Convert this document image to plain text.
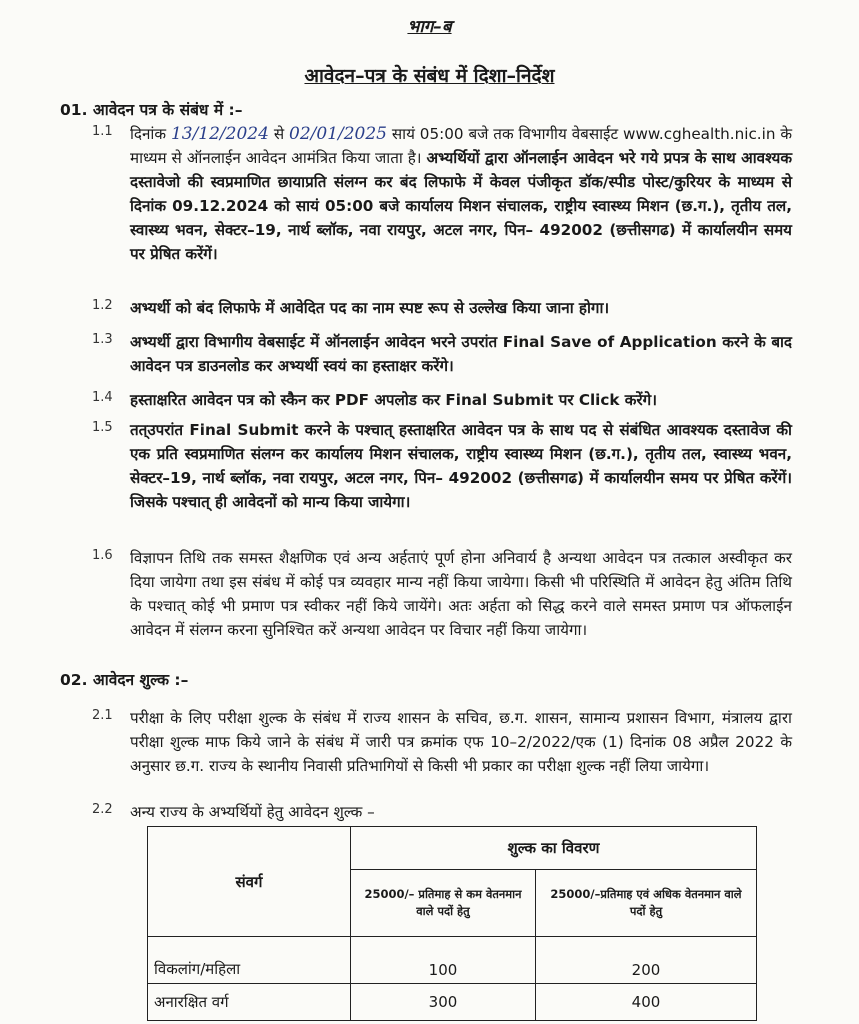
भाग–ब
आवेदन–पत्र के संबंध में दिशा–निर्देश
01. आवेदन पत्र के संबंध में :–
1.1 दिनांक 13/12/2024 से 02/01/2025 सायं 05:00 बजे तक विभागीय वेबसाईट www.cghealth.nic.in के माध्यम से ऑनलाईन आवेदन आमंत्रित किया जाता है। अभ्यर्थियों द्वारा ऑनलाईन आवेदन भरे गये प्रपत्र के साथ आवश्यक दस्तावेजो की स्वप्रमाणित छायाप्रति संलग्न कर बंद लिफाफे में केवल पंजीकृत डॉक/स्पीड पोस्ट/कुरियर के माध्यम से दिनांक 09.12.2024 को सायं 05:00 बजे कार्यालय मिशन संचालक, राष्ट्रीय स्वास्थ्य मिशन (छ.ग.), तृतीय तल, स्वास्थ्य भवन, सेक्टर–19, नार्थ ब्लॉक, नवा रायपुर, अटल नगर, पिन– 492002 (छत्तीसगढ) में कार्यालयीन समय पर प्रेषित करेंगें।
1.2 अभ्यर्थी को बंद लिफाफे में आवेदित पद का नाम स्पष्ट रूप से उल्लेख किया जाना होगा।
1.3 अभ्यर्थी द्वारा विभागीय वेबसाईट में ऑनलाईन आवेदन भरने उपरांत Final Save of Application करने के बाद आवेदन पत्र डाउनलोड कर अभ्यर्थी स्वयं का हस्ताक्षर करेंगे।
1.4 हस्ताक्षरित आवेदन पत्र को स्कैन कर PDF अपलोड कर Final Submit पर Click करेंगे।
1.5 तत्उपरांत Final Submit करने के पश्चात् हस्ताक्षरित आवेदन पत्र के साथ पद से संबंधित आवश्यक दस्तावेज की एक प्रति स्वप्रमाणित संलग्न कर कार्यालय मिशन संचालक, राष्ट्रीय स्वास्थ्य मिशन (छ.ग.), तृतीय तल, स्वास्थ्य भवन, सेक्टर–19, नार्थ ब्लॉक, नवा रायपुर, अटल नगर, पिन– 492002 (छत्तीसगढ) में कार्यालयीन समय पर प्रेषित करेंगें। जिसके पश्चात् ही आवेदनों को मान्य किया जायेगा।
1.6 विज्ञापन तिथि तक समस्त शैक्षणिक एवं अन्य अर्हताएं पूर्ण होना अनिवार्य है अन्यथा आवेदन पत्र तत्काल अस्वीकृत कर दिया जायेगा तथा इस संबंध में कोई पत्र व्यवहार मान्य नहीं किया जायेगा। किसी भी परिस्थिति में आवेदन हेतु अंतिम तिथि के पश्चात् कोई भी प्रमाण पत्र स्वीकर नहीं किये जायेंगे। अतः अर्हता को सिद्ध करने वाले समस्त प्रमाण पत्र ऑफलाईन आवेदन में संलग्न करना सुनिश्चित करें अन्यथा आवेदन पर विचार नहीं किया जायेगा।
02. आवेदन शुल्क :–
2.1 परीक्षा के लिए परीक्षा शुल्क के संबंध में राज्य शासन के सचिव, छ.ग. शासन, सामान्य प्रशासन विभाग, मंत्रालय द्वारा परीक्षा शुल्क माफ किये जाने के संबंध में जारी पत्र क्रमांक एफ 10–2/2022/एक (1) दिनांक 08 अप्रैल 2022 के अनुसार छ.ग. राज्य के स्थानीय निवासी प्रतिभागियों से किसी भी प्रकार का परीक्षा शुल्क नहीं लिया जायेगा।
2.2 अन्य राज्य के अभ्यर्थियों हेतु आवेदन शुल्क –
संवर्ग	शुल्क का विवरण	
	25000/– प्रतिमाह से कम वेतनमान वाले पदों हेतु	25000/–प्रतिमाह एवं अधिक वेतनमान वाले पदों हेतु
विकलांग/महिला	100	200
अनारक्षित वर्ग	300	400
